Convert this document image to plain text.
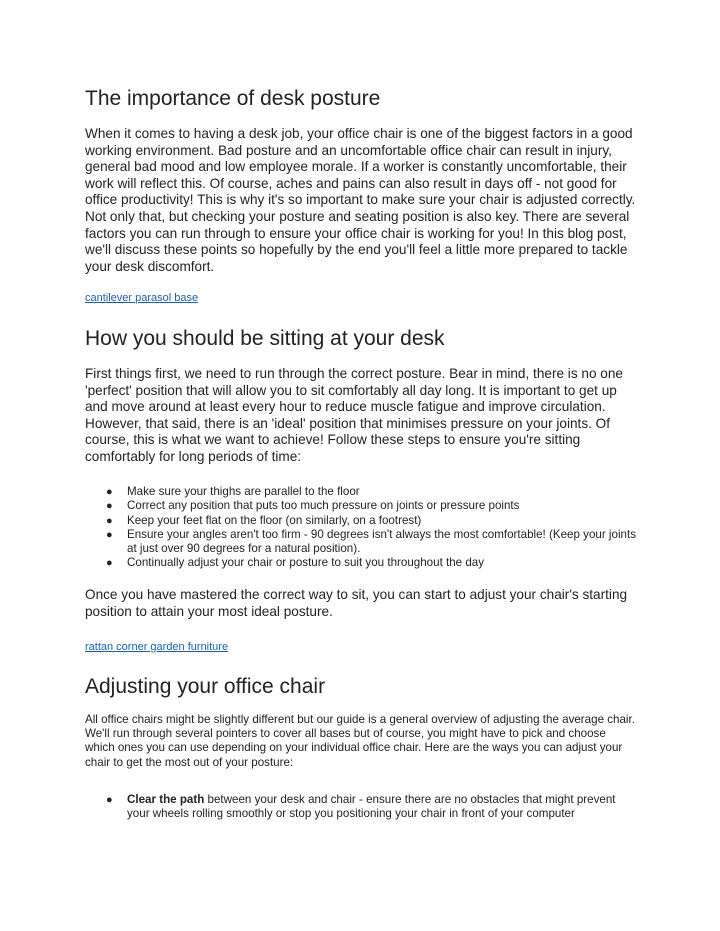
The importance of desk posture

When it comes to having a desk job, your office chair is one of the biggest factors in a good working environment. Bad posture and an uncomfortable office chair can result in injury, general bad mood and low employee morale. If a worker is constantly uncomfortable, their work will reflect this. Of course, aches and pains can also result in days off - not good for office productivity! This is why it's so important to make sure your chair is adjusted correctly. Not only that, but checking your posture and seating position is also key. There are several factors you can run through to ensure your office chair is working for you! In this blog post, we'll discuss these points so hopefully by the end you'll feel a little more prepared to tackle your desk discomfort.

cantilever parasol base
How you should be sitting at your desk

First things first, we need to run through the correct posture. Bear in mind, there is no one 'perfect' position that will allow you to sit comfortably all day long. It is important to get up and move around at least every hour to reduce muscle fatigue and improve circulation. However, that said, there is an 'ideal' position that minimises pressure on your joints. Of course, this is what we want to achieve! Follow these steps to ensure you're sitting comfortably for long periods of time:

● Make sure your thighs are parallel to the floor
● Correct any position that puts too much pressure on joints or pressure points
● Keep your feet flat on the floor (on similarly, on a footrest)
● Ensure your angles aren't too firm - 90 degrees isn't always the most comfortable! (Keep your joints at just over 90 degrees for a natural position).
● Continually adjust your chair or posture to suit you throughout the day

Once you have mastered the correct way to sit, you can start to adjust your chair's starting position to attain your most ideal posture.

rattan corner garden furniture
Adjusting your office chair

All office chairs might be slightly different but our guide is a general overview of adjusting the average chair. We'll run through several pointers to cover all bases but of course, you might have to pick and choose which ones you can use depending on your individual office chair. Here are the ways you can adjust your chair to get the most out of your posture:

● Clear the path between your desk and chair - ensure there are no obstacles that might prevent your wheels rolling smoothly or stop you positioning your chair in front of your computer
